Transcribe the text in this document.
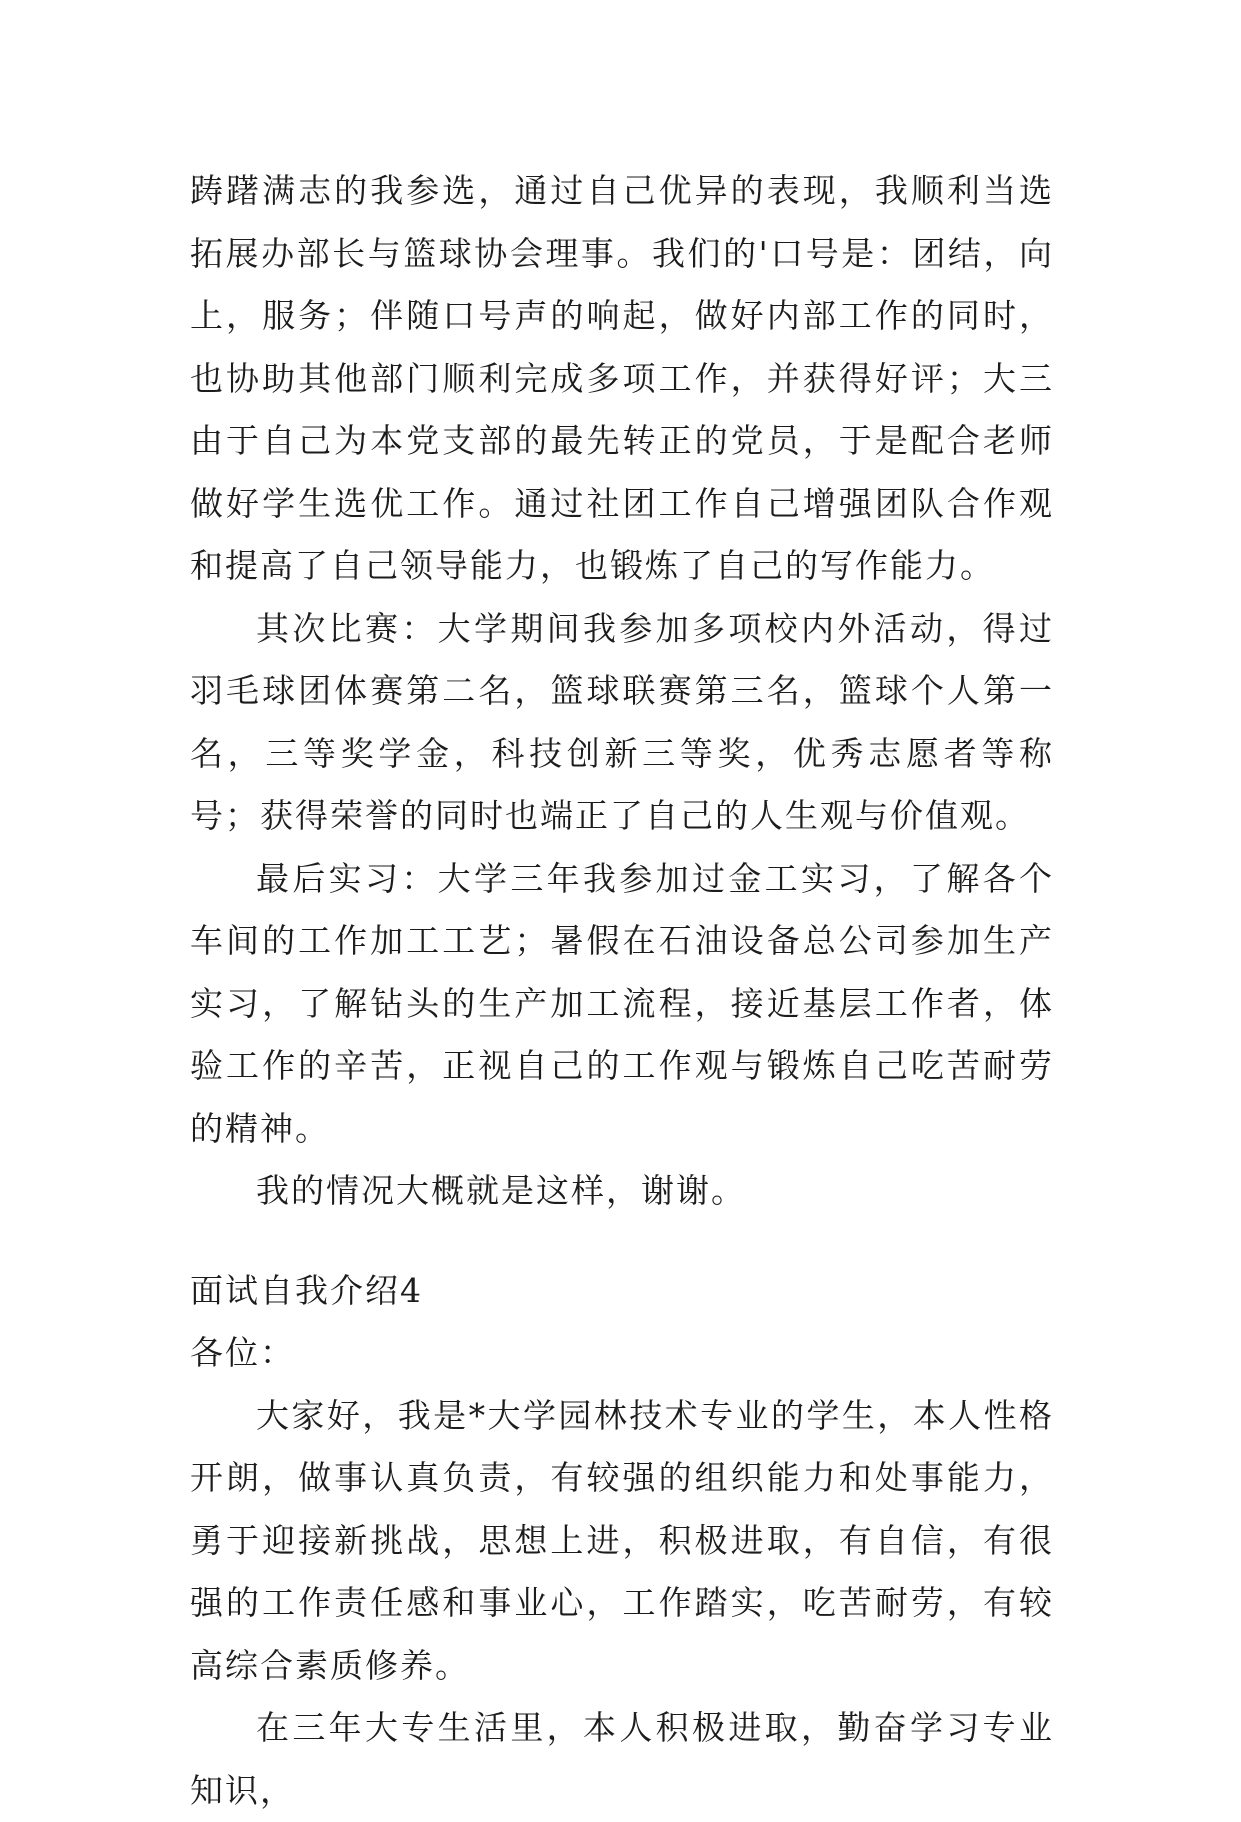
踌躇满志的我参选，通过自己优异的表现，我顺利当选拓展办部长与篮球协会理事。我们的'口号是：团结，向上，服务；伴随口号声的响起，做好内部工作的同时，也协助其他部门顺利完成多项工作，并获得好评；大三由于自己为本党支部的最先转正的党员，于是配合老师做好学生选优工作。通过社团工作自己增强团队合作观和提高了自己领导能力，也锻炼了自己的写作能力。

其次比赛：大学期间我参加多项校内外活动，得过羽毛球团体赛第二名，篮球联赛第三名，篮球个人第一名，三等奖学金，科技创新三等奖，优秀志愿者等称号；获得荣誉的同时也端正了自己的人生观与价值观。

最后实习：大学三年我参加过金工实习，了解各个车间的工作加工工艺；暑假在石油设备总公司参加生产实习，了解钻头的生产加工流程，接近基层工作者，体验工作的辛苦，正视自己的工作观与锻炼自己吃苦耐劳的精神。

我的情况大概就是这样，谢谢。

面试自我介绍4

各位：

大家好，我是*大学园林技术专业的学生，本人性格开朗，做事认真负责，有较强的组织能力和处事能力，勇于迎接新挑战，思想上进，积极进取，有自信，有很强的工作责任感和事业心，工作踏实，吃苦耐劳，有较高综合素质修养。

在三年大专生活里，本人积极进取，勤奋学习专业知识，
